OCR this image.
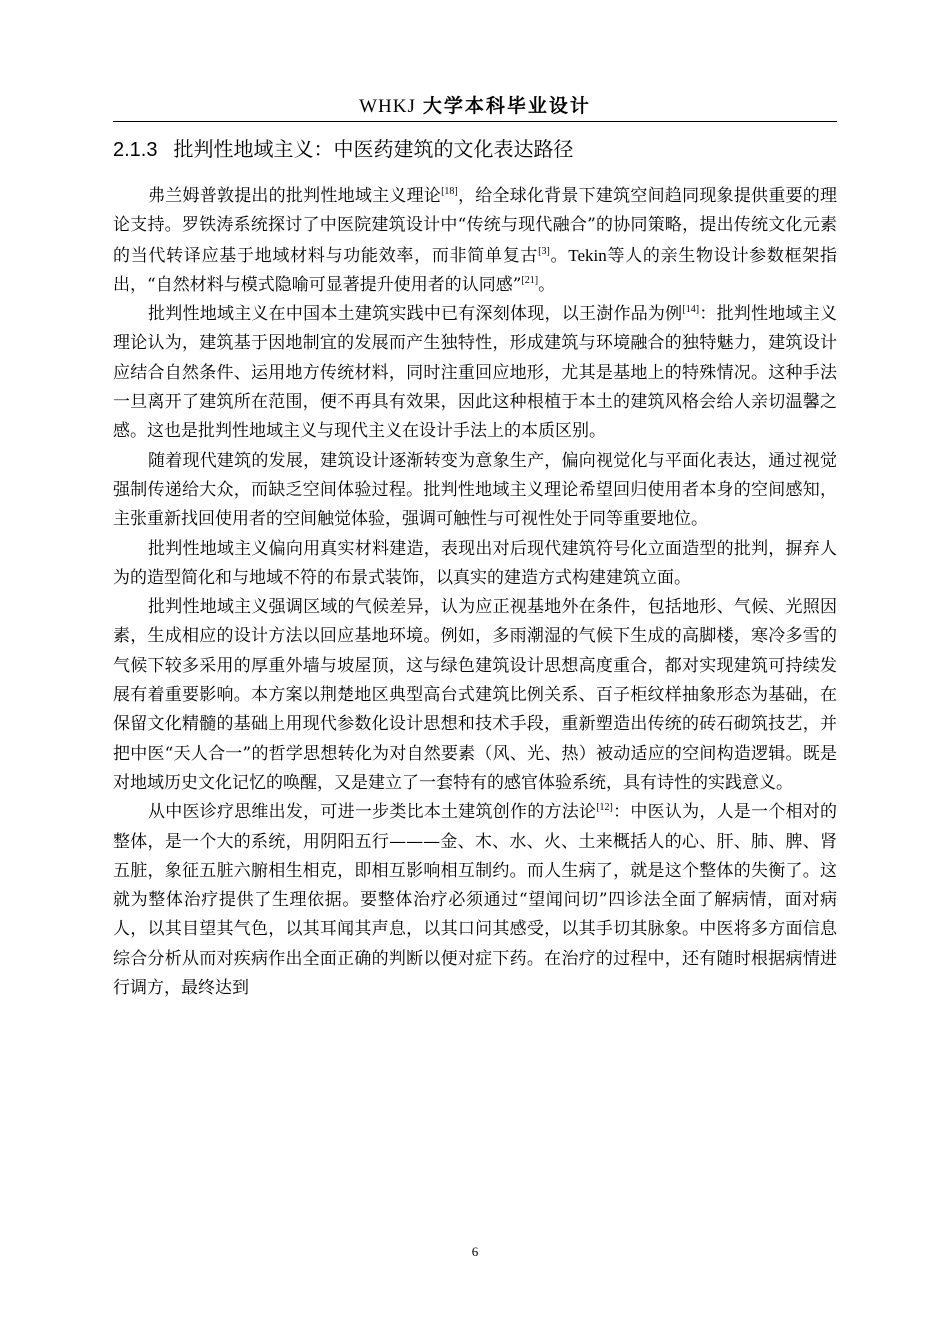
WHKJ 大学本科毕业设计
2.1.3 批判性地域主义：中医药建筑的文化表达路径

弗兰姆普敦提出的批判性地域主义理论[18]，给全球化背景下建筑空间趋同现象提供重要的理论支持。罗铁涛系统探讨了中医院建筑设计中“传统与现代融合”的协同策略，提出传统文化元素的当代转译应基于地域材料与功能效率，而非简单复古[3]。Tekin等人的亲生物设计参数框架指出，“自然材料与模式隐喻可显著提升使用者的认同感”[21]。

批判性地域主义在中国本土建筑实践中已有深刻体现，以王澍作品为例[14]：批判性地域主义理论认为，建筑基于因地制宜的发展而产生独特性，形成建筑与环境融合的独特魅力，建筑设计应结合自然条件、运用地方传统材料，同时注重回应地形，尤其是基地上的特殊情况。这种手法一旦离开了建筑所在范围，便不再具有效果，因此这种根植于本土的建筑风格会给人亲切温馨之感。这也是批判性地域主义与现代主义在设计手法上的本质区别。

随着现代建筑的发展，建筑设计逐渐转变为意象生产，偏向视觉化与平面化表达，通过视觉强制传递给大众，而缺乏空间体验过程。批判性地域主义理论希望回归使用者本身的空间感知，主张重新找回使用者的空间触觉体验，强调可触性与可视性处于同等重要地位。

批判性地域主义偏向用真实材料建造，表现出对后现代建筑符号化立面造型的批判，摒弃人为的造型简化和与地域不符的布景式装饰，以真实的建造方式构建建筑立面。

批判性地域主义强调区域的气候差异，认为应正视基地外在条件，包括地形、气候、光照因素，生成相应的设计方法以回应基地环境。例如，多雨潮湿的气候下生成的高脚楼，寒冷多雪的气候下较多采用的厚重外墙与坡屋顶，这与绿色建筑设计思想高度重合，都对实现建筑可持续发展有着重要影响。本方案以荆楚地区典型高台式建筑比例关系、百子柜纹样抽象形态为基础，在保留文化精髓的基础上用现代参数化设计思想和技术手段，重新塑造出传统的砖石砌筑技艺，并把中医“天人合一”的哲学思想转化为对自然要素（风、光、热）被动适应的空间构造逻辑。既是对地域历史文化记忆的唤醒，又是建立了一套特有的感官体验系统，具有诗性的实践意义。

从中医诊疗思维出发，可进一步类比本土建筑创作的方法论[12]：中医认为，人是一个相对的整体，是一个大的系统，用阴阳五行———金、木、水、火、土来概括人的心、肝、肺、脾、肾五脏，象征五脏六腑相生相克，即相互影响相互制约。而人生病了，就是这个整体的失衡了。这就为整体治疗提供了生理依据。要整体治疗必须通过“望闻问切”四诊法全面了解病情，面对病人，以其目望其气色，以其耳闻其声息，以其口问其感受，以其手切其脉象。中医将多方面信息综合分析从而对疾病作出全面正确的判断以便对症下药。在治疗的过程中，还有随时根据病情进行调方，最终达到

6
